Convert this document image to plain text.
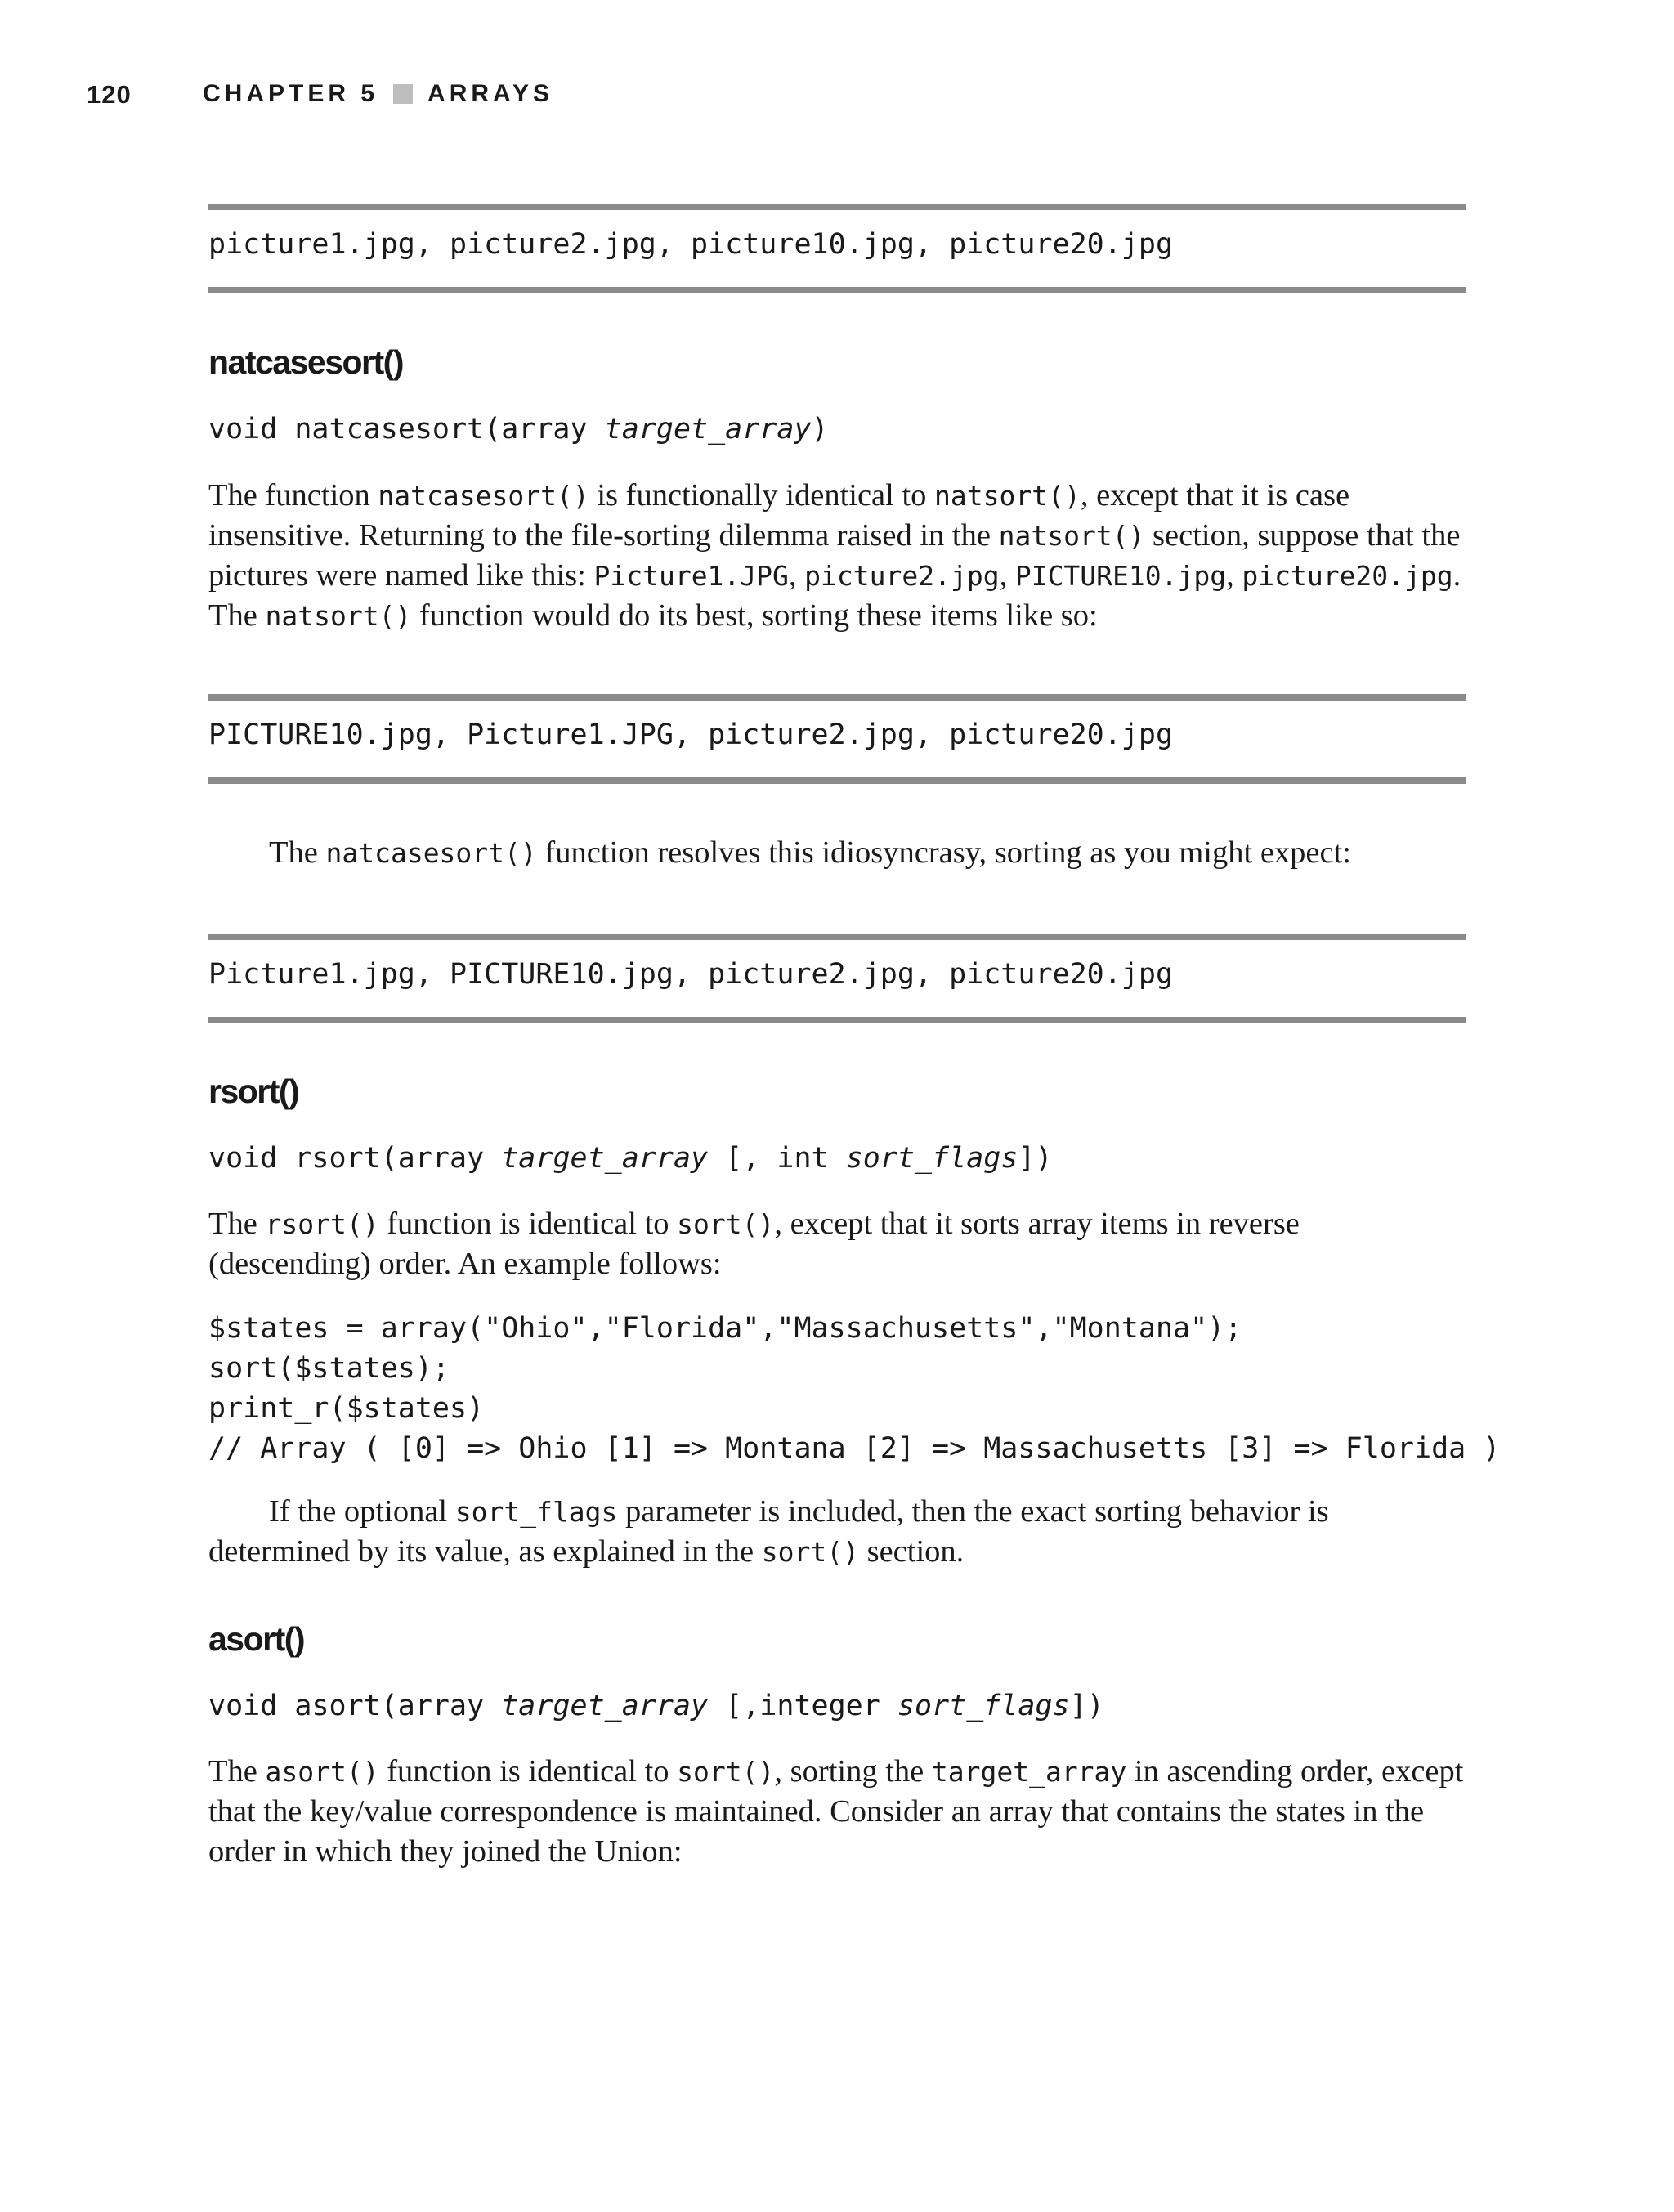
120	CHAPTER 5 ARRAYS
picture1.jpg, picture2.jpg, picture10.jpg, picture20.jpg
natcasesort()
void natcasesort(array target_array)
The function natcasesort() is functionally identical to natsort(), except that it is case insensitive. Returning to the file-sorting dilemma raised in the natsort() section, suppose that the pictures were named like this: Picture1.JPG, picture2.jpg, PICTURE10.jpg, picture20.jpg. The natsort() function would do its best, sorting these items like so:
PICTURE10.jpg, Picture1.JPG, picture2.jpg, picture20.jpg
The natcasesort() function resolves this idiosyncrasy, sorting as you might expect:
Picture1.jpg, PICTURE10.jpg, picture2.jpg, picture20.jpg
rsort()
void rsort(array target_array [, int sort_flags])
The rsort() function is identical to sort(), except that it sorts array items in reverse (descending) order. An example follows:
$states = array("Ohio","Florida","Massachusetts","Montana");
sort($states);
print_r($states)
// Array ( [0] => Ohio [1] => Montana [2] => Massachusetts [3] => Florida )
If the optional sort_flags parameter is included, then the exact sorting behavior is determined by its value, as explained in the sort() section.
asort()
void asort(array target_array [,integer sort_flags])
The asort() function is identical to sort(), sorting the target_array in ascending order, except that the key/value correspondence is maintained. Consider an array that contains the states in the order in which they joined the Union:
